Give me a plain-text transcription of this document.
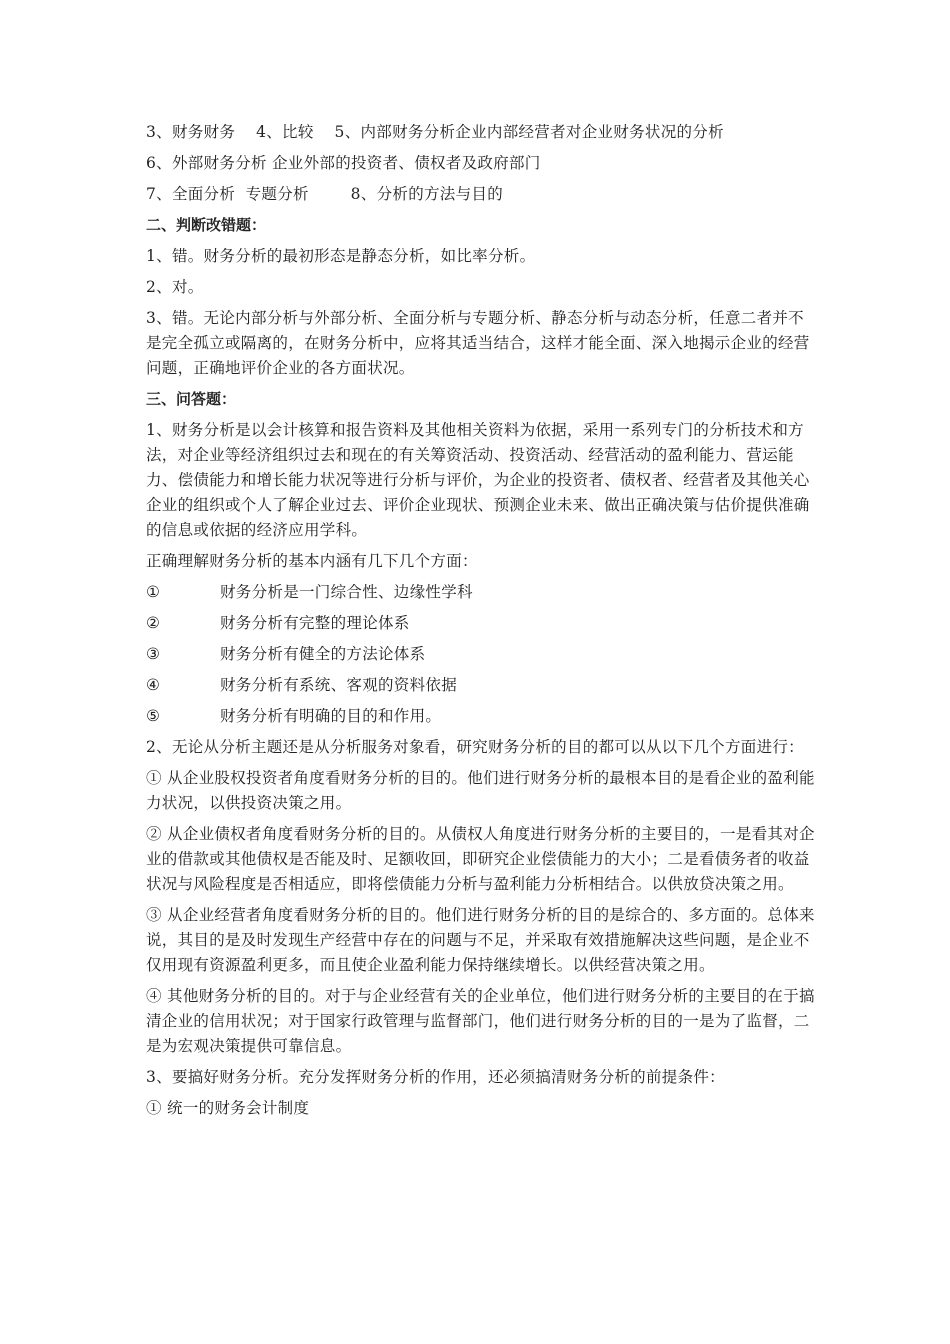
3、财务财务    4、比较    5、内部财务分析企业内部经营者对企业财务状况的分析

6、外部财务分析 企业外部的投资者、债权者及政府部门

7、全面分析  专题分析        8、分析的方法与目的

二、判断改错题：

1、错。财务分析的最初形态是静态分析，如比率分析。

2、对。

3、错。无论内部分析与外部分析、全面分析与专题分析、静态分析与动态分析，任意二者并不是完全孤立或隔离的，在财务分析中，应将其适当结合，这样才能全面、深入地揭示企业的经营问题，正确地评价企业的各方面状况。

三、问答题：

1、财务分析是以会计核算和报告资料及其他相关资料为依据，采用一系列专门的分析技术和方法，对企业等经济组织过去和现在的有关筹资活动、投资活动、经营活动的盈利能力、营运能力、偿债能力和增长能力状况等进行分析与评价，为企业的投资者、债权者、经营者及其他关心企业的组织或个人了解企业过去、评价企业现状、预测企业未来、做出正确决策与估价提供准确的信息或依据的经济应用学科。

正确理解财务分析的基本内涵有几下几个方面：

①	财务分析是一门综合性、边缘性学科
②	财务分析有完整的理论体系
③	财务分析有健全的方法论体系
④	财务分析有系统、客观的资料依据
⑤	财务分析有明确的目的和作用。

2、无论从分析主题还是从分析服务对象看，研究财务分析的目的都可以从以下几个方面进行：

① 从企业股权投资者角度看财务分析的目的。他们进行财务分析的最根本目的是看企业的盈利能力状况，以供投资决策之用。

② 从企业债权者角度看财务分析的目的。从债权人角度进行财务分析的主要目的，一是看其对企业的借款或其他债权是否能及时、足额收回，即研究企业偿债能力的大小；二是看债务者的收益状况与风险程度是否相适应，即将偿债能力分析与盈利能力分析相结合。以供放贷决策之用。

③ 从企业经营者角度看财务分析的目的。他们进行财务分析的目的是综合的、多方面的。总体来说，其目的是及时发现生产经营中存在的问题与不足，并采取有效措施解决这些问题，是企业不仅用现有资源盈利更多，而且使企业盈利能力保持继续增长。以供经营决策之用。

④ 其他财务分析的目的。对于与企业经营有关的企业单位，他们进行财务分析的主要目的在于搞清企业的信用状况；对于国家行政管理与监督部门，他们进行财务分析的目的一是为了监督，二是为宏观决策提供可靠信息。

3、要搞好财务分析。充分发挥财务分析的作用，还必须搞清财务分析的前提条件：

① 统一的财务会计制度
